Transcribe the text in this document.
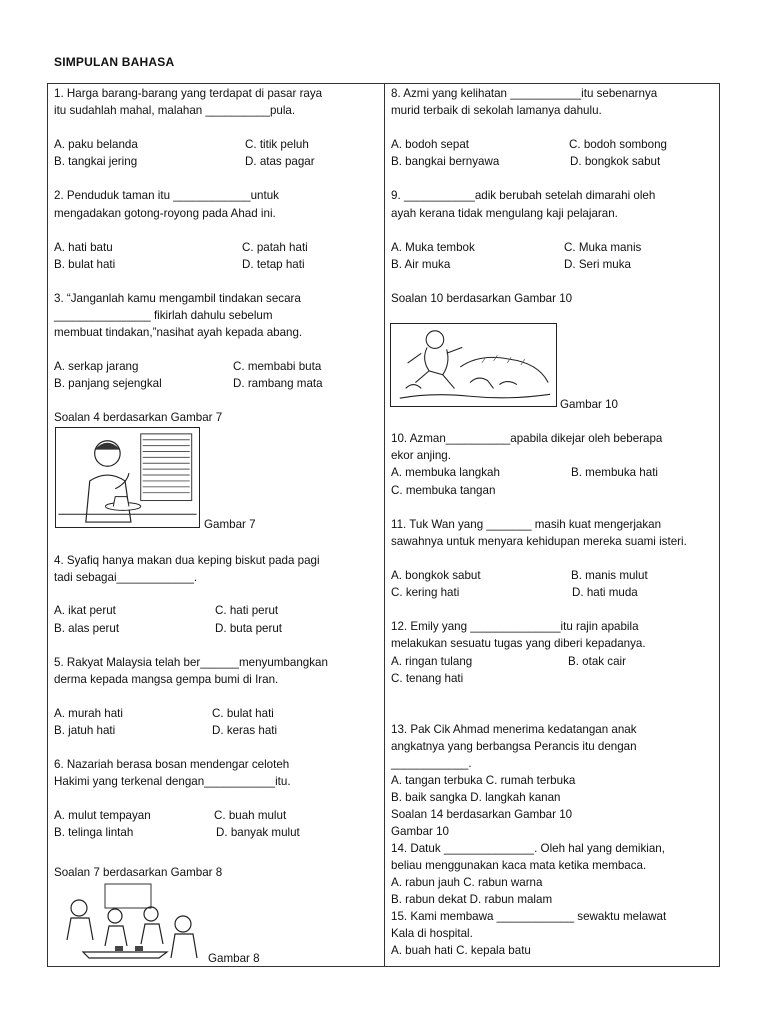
SIMPULAN BAHASA
1. Harga barang-barang yang terdapat di pasar raya
itu sudahlah mahal, malahan __________pula.
A. paku belanda	C. titik peluh
B. tangkai jering	D. atas pagar
2. Penduduk taman itu ____________untuk
mengadakan gotong-royong pada Ahad ini.
A. hati batu	C. patah hati
B. bulat hati	D. tetap hati
3. “Janganlah kamu mengambil tindakan secara
_______________ fikirlah dahulu sebelum
membuat tindakan,”nasihat ayah kepada abang.
A. serkap jarang	C. membabi buta
B. panjang sejengkal	D. rambang mata
Soalan 4 berdasarkan Gambar 7
Gambar 7
4. Syafiq hanya makan dua keping biskut pada pagi
tadi sebagai____________.
A. ikat perut	C. hati perut
B. alas perut	D. buta perut
5. Rakyat Malaysia telah ber______menyumbangkan
derma kepada mangsa gempa bumi di Iran.
A. murah hati	C. bulat hati
B. jatuh hati	D. keras hati
6. Nazariah berasa bosan mendengar celoteh
Hakimi yang terkenal dengan___________itu.
A. mulut tempayan	C. buah mulut
B. telinga lintah	D. banyak mulut
Soalan 7 berdasarkan Gambar 8
Gambar 8
8. Azmi yang kelihatan ___________itu sebenarnya
murid terbaik di sekolah lamanya dahulu.
A. bodoh sepat	C. bodoh sombong
B. bangkai bernyawa	D. bongkok sabut
9. ___________adik berubah setelah dimarahi oleh
ayah kerana tidak mengulang kaji pelajaran.
A. Muka tembok	C. Muka manis
B. Air muka	D. Seri muka
Soalan 10 berdasarkan Gambar 10
Gambar 10
10. Azman__________apabila dikejar oleh beberapa
ekor anjing.
A. membuka langkah	B. membuka hati
C. membuka tangan
11. Tuk Wan yang _______ masih kuat mengerjakan
sawahnya untuk menyara kehidupan mereka suami isteri.
A. bongkok sabut	B. manis mulut
C. kering hati	D. hati muda
12. Emily yang ______________itu rajin apabila
melakukan sesuatu tugas yang diberi kepadanya.
A. ringan tulang	B. otak cair
C. tenang hati
13. Pak Cik Ahmad menerima kedatangan anak
angkatnya yang berbangsa Perancis itu dengan
____________.
A. tangan terbuka C. rumah terbuka
B. baik sangka D. langkah kanan
Soalan 14 berdasarkan Gambar 10
Gambar 10
14. Datuk ______________. Oleh hal yang demikian,
beliau menggunakan kaca mata ketika membaca.
A. rabun jauh C. rabun warna
B. rabun dekat D. rabun malam
15. Kami membawa ____________ sewaktu melawat
Kala di hospital.
A. buah hati C. kepala batu
